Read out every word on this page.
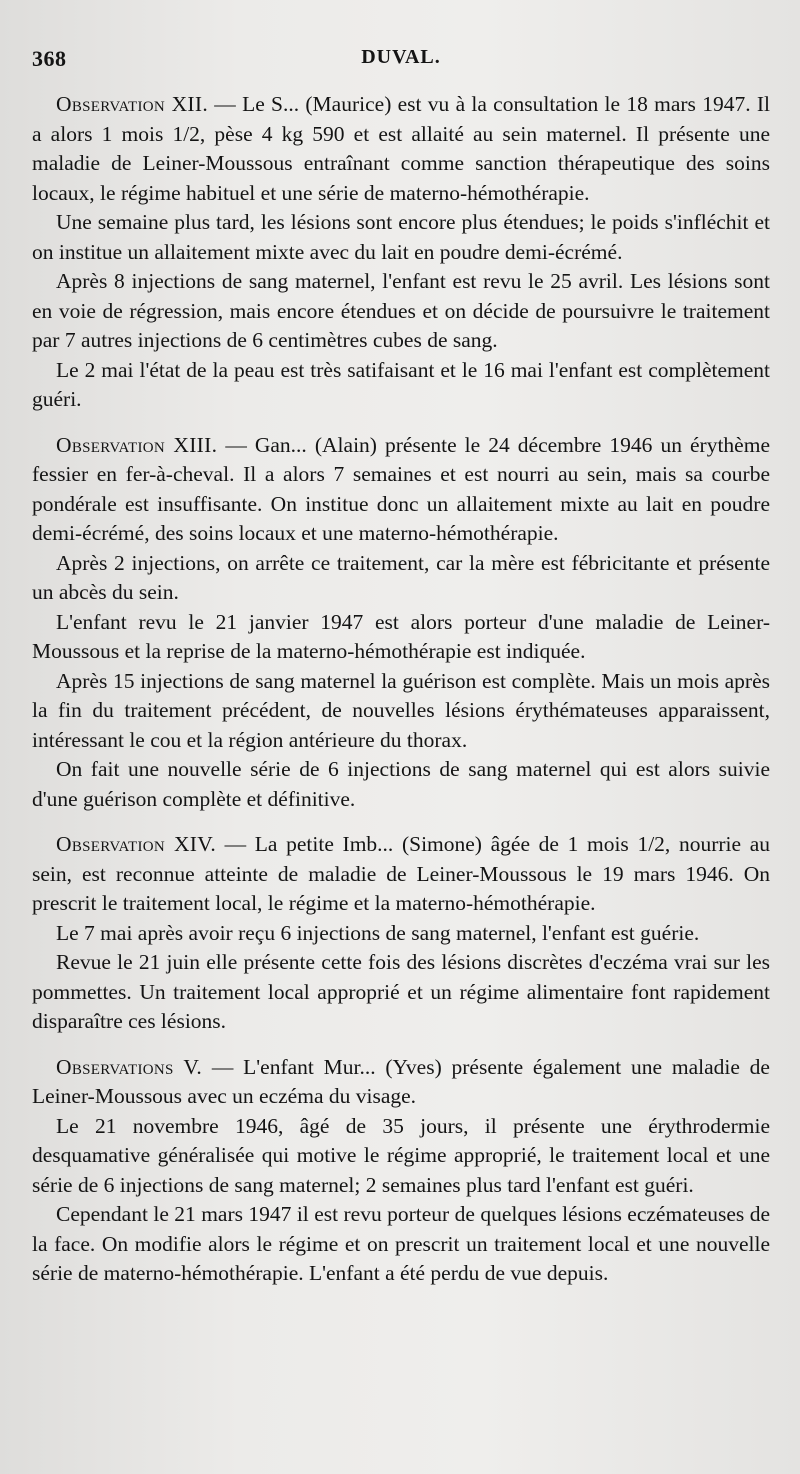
368	DUVAL.

Observation XII. — Le S... (Maurice) est vu à la consultation le 18 mars 1947. Il a alors 1 mois 1/2, pèse 4 kg 590 et est allaité au sein maternel. Il présente une maladie de Leiner-Moussous entraînant comme sanction thérapeutique des soins locaux, le régime habituel et une série de materno-hémothérapie.

Une semaine plus tard, les lésions sont encore plus étendues; le poids s'infléchit et on institue un allaitement mixte avec du lait en poudre demi-écrémé.

Après 8 injections de sang maternel, l'enfant est revu le 25 avril. Les lésions sont en voie de régression, mais encore étendues et on décide de poursuivre le traitement par 7 autres injections de 6 centimètres cubes de sang.

Le 2 mai l'état de la peau est très satifaisant et le 16 mai l'enfant est complètement guéri.

Observation XIII. — Gan... (Alain) présente le 24 décembre 1946 un érythème fessier en fer-à-cheval. Il a alors 7 semaines et est nourri au sein, mais sa courbe pondérale est insuffisante. On institue donc un allaitement mixte au lait en poudre demi-écrémé, des soins locaux et une materno-hémothérapie.

Après 2 injections, on arrête ce traitement, car la mère est fébricitante et présente un abcès du sein.

L'enfant revu le 21 janvier 1947 est alors porteur d'une maladie de Leiner-Moussous et la reprise de la materno-hémothérapie est indiquée.

Après 15 injections de sang maternel la guérison est complète. Mais un mois après la fin du traitement précédent, de nouvelles lésions érythémateuses apparaissent, intéressant le cou et la région antérieure du thorax.

On fait une nouvelle série de 6 injections de sang maternel qui est alors suivie d'une guérison complète et définitive.

Observation XIV. — La petite Imb... (Simone) âgée de 1 mois 1/2, nourrie au sein, est reconnue atteinte de maladie de Leiner-Moussous le 19 mars 1946. On prescrit le traitement local, le régime et la materno-hémothérapie.

Le 7 mai après avoir reçu 6 injections de sang maternel, l'enfant est guérie.

Revue le 21 juin elle présente cette fois des lésions discrètes d'eczéma vrai sur les pommettes. Un traitement local approprié et un régime alimentaire font rapidement disparaître ces lésions.

Observations V. — L'enfant Mur... (Yves) présente également une maladie de Leiner-Moussous avec un eczéma du visage.

Le 21 novembre 1946, âgé de 35 jours, il présente une érythrodermie desquamative généralisée qui motive le régime approprié, le traitement local et une série de 6 injections de sang maternel; 2 semaines plus tard l'enfant est guéri.

Cependant le 21 mars 1947 il est revu porteur de quelques lésions eczémateuses de la face. On modifie alors le régime et on prescrit un traitement local et une nouvelle série de materno-hémothérapie. L'enfant a été perdu de vue depuis.
